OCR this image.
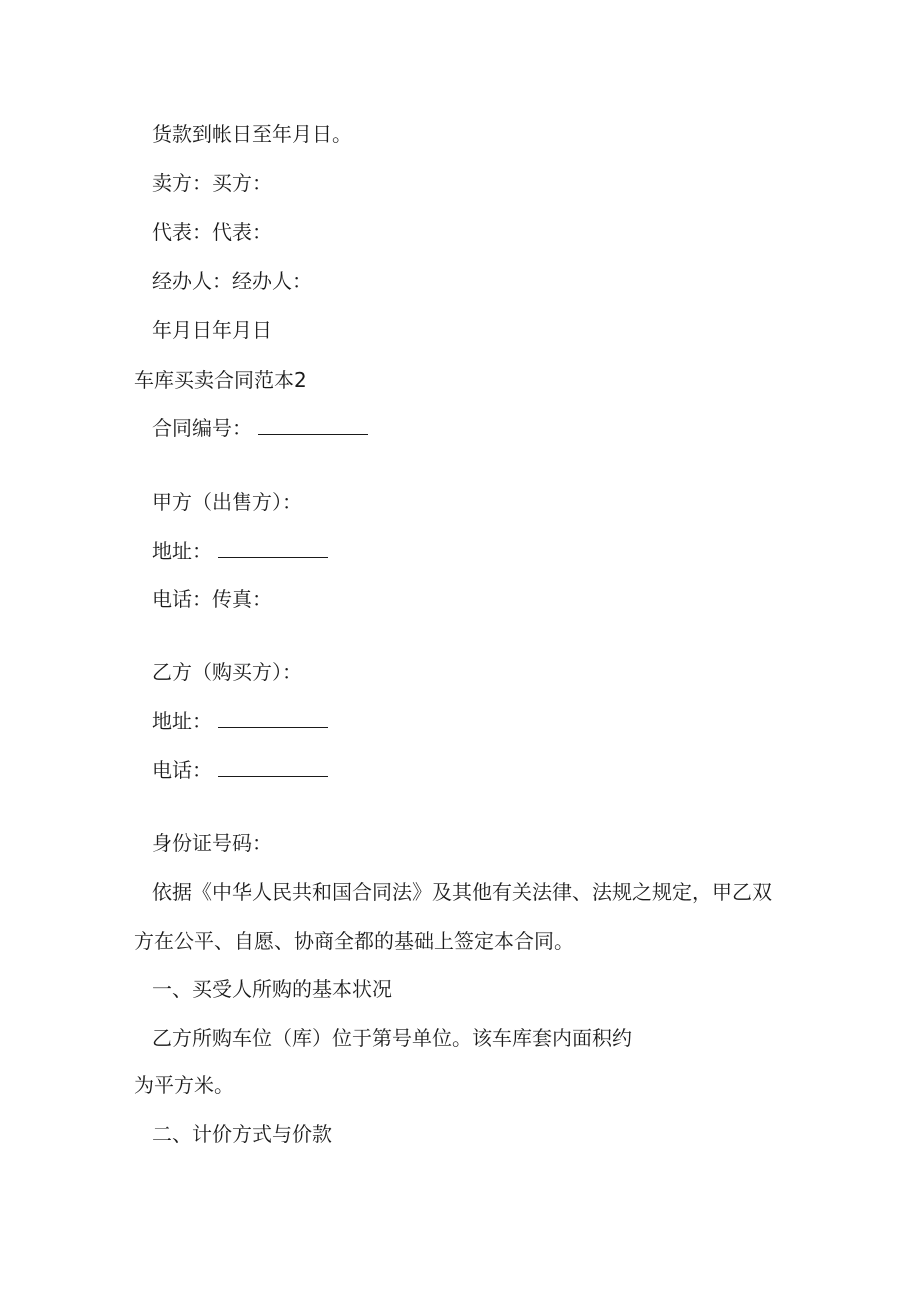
货款到帐日至年月日。
卖方：买方：
代表：代表：
经办人：经办人：
年月日年月日
车库买卖合同范本2
合同编号：
甲方（出售方）：
地址：
电话：传真：
乙方（购买方）：
地址：
电话：
身份证号码：
依据《中华人民共和国合同法》及其他有关法律、法规之规定，甲乙双
方在公平、自愿、协商全都的基础上签定本合同。
一、买受人所购的基本状况
乙方所购车位（库）位于第号单位。该车库套内面积约
为平方米。
二、计价方式与价款
